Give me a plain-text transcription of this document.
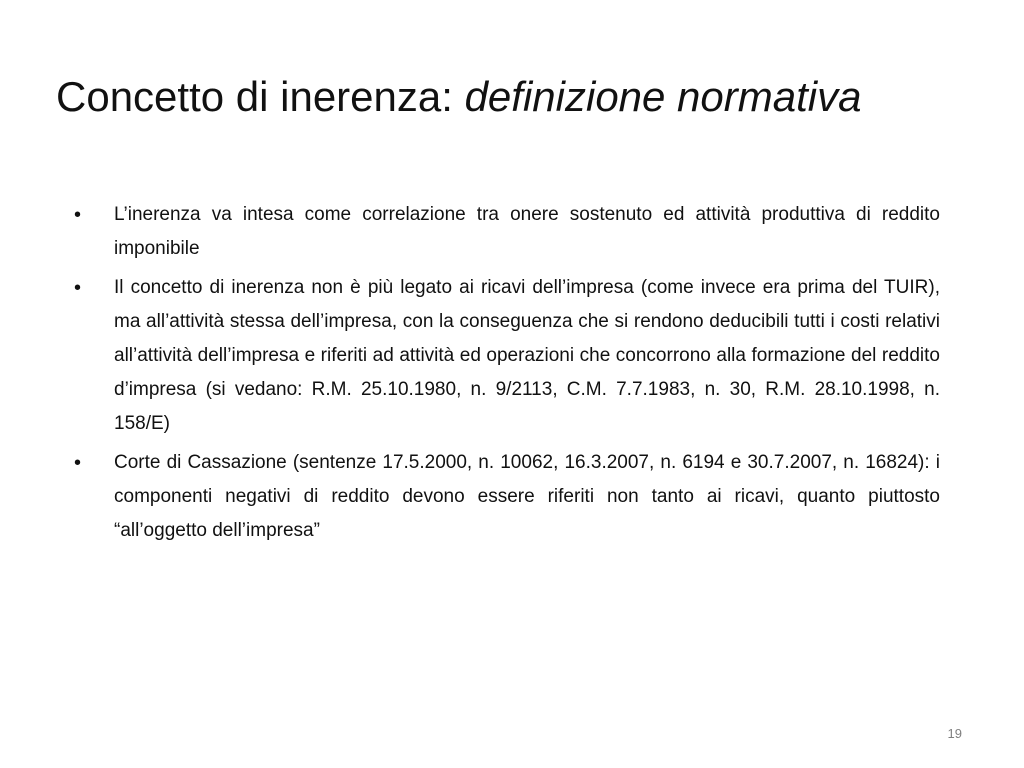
Concetto di inerenza: definizione normativa
•	L’inerenza va intesa come correlazione tra onere sostenuto ed attività produttiva di reddito imponibile
•	Il concetto di inerenza non è più legato ai ricavi dell’impresa (come invece era prima del TUIR), ma all’attività stessa dell’impresa, con la conseguenza che si rendono deducibili tutti i costi relativi all’attività dell’impresa e riferiti ad attività ed operazioni che concorrono alla formazione del reddito d’impresa (si vedano: R.M. 25.10.1980, n. 9/2113, C.M. 7.7.1983, n. 30, R.M. 28.10.1998, n. 158/E)
•	Corte di Cassazione (sentenze 17.5.2000, n. 10062, 16.3.2007, n. 6194 e 30.7.2007, n. 16824): i componenti negativi di reddito devono essere riferiti non tanto ai ricavi, quanto piuttosto “all’oggetto dell’impresa”
19
